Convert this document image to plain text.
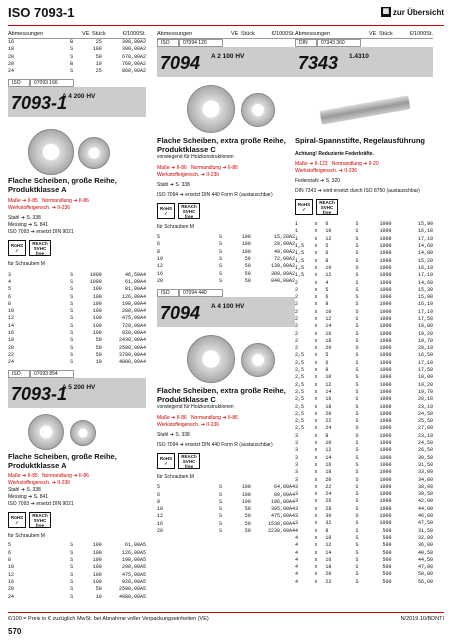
ISO 7093-1	▦ zur Übersicht
Abmessungen	VE Stück	€/1000St.
16	B	25	390,00A2
18	S	100	390,00A2
20	S	50	670,00A2
20	B	10	760,00A2
24	S	25	860,00A2
ISO	07093 166
7093-1
A 4 200 HV
Flache Scheiben, große Reihe, Produktklasse A
Maße ➔ II-85 Normandlung ➔ II-86
Werkstoffeigensch. ➔ II-236
Stahl ➔ S. 338
Messing ➔ S. 841
ISO 7093 ➔ ersetzt DIN 9021
RoHS ✓
REACh SVHC free
für Schrauben M
3	S	1000	46,50A4
4	S	1000	61,00A4
5	S	100	81,00A4
6	S	100	126,00A4
8	S	100	198,00A4
10	S	100	280,00A4
12	S	100	475,00A4
14	S	100	720,00A4
16	S	100	920,00A4
18	S	50	2430,00A4
20	S	50	2590,00A4
22	S	50	3780,00A4
24	S	10	4880,00A4
ISO	07093 854
7093-1
A 5 200 HV
Flache Scheiben, große Reihe, Produktklasse A
Maße ➔ II-85 Normandlung ➔ II-86
Werkstoffeigensch. ➔ II-236
Stahl ➔ S. 338
Messing ➔ S. 841
ISO 7093 ➔ ersetzt DIN 9021
RoHS ✓
REACh SVHC free
für Schrauben M
5	S	100	61,00A5
6	S	100	126,00A5
8	S	100	198,00A5
10	S	100	290,00A5
12	S	100	475,00A5
16	S	100	920,00A5
20	S	50	2590,00A5
24	S	10	4880,00A5
Abmessungen	VE Stück	€/1000St.
ISO	07094 120
7094 A 2 100 HV
Flache Scheiben, extra große Reihe, Produktklasse C
vorwiegend für Holzkonstruktionen
Maße ➔ II-86 Normandlung ➔ II-86
Werkstoffeigensch. ➔ II-236
Stahl ➔ S. 338
ISO 7094 ➔ ersetzt DIN 440 Form R (austauschbar)
RoHS ✓
REACh SVHC free
für Schrauben M
5	S	100	15,20A2
6	S	100	20,90A2
8	S	100	49,90A2
10	S	50	72,00A2
12	S	50	139,00A2
16	S	50	309,00A2
20	S	50	840,00A2
ISO	07094 440
7094 A 4 100 HV
Flache Scheiben, extra große Reihe, Produktklasse C
vorwiegend für Holzkonstruktionen
Maße ➔ II-86 Normandlung ➔ II-86
Werkstoffeigensch. ➔ II-236
Stahl ➔ S. 338
ISO 7094 ➔ ersetzt DIN 440 Form R (austauschbar)
RoHS ✓
REACh SVHC free
für Schrauben M
5	S	100	64,00A4
6	S	100	89,00A4
8	S	100	196,00A4
10	S	50	305,00A4
12	S	50	475,00A4
16	S	50	1530,00A4
20	S	50	2230,00A4
Abmessungen	VE Stück	€/1000St.
DIN	07343 360
7343 1.4310
Spiral-Spannstifte, Regelausführung
Achtung! Reduzierte Federkräfte.
Maße ➔ II-123 Normandlung ➔ II-20
Werkstoffeigensch. ➔ II-236
Federstahl ➔ S. 320
DIN 7343 ➔ wird ersetzt durch ISO 8750 (austauschbar)
RoHS ✓
REACh SVHC free
1	x	6	S	1000	15,90
1	x	10	S	1000	16,10
1	x	12	S	1000	17,10
1,5	x	5	S	1000	14,60
1,5	x	6	S	1000	14,80
1,5	x	8	S	1000	15,20
1,5	x	10	S	1000	16,10
1,5	x	12	S	1000	17,10
2	x	4	S	1000	14,60
2	x	5	S	1000	15,30
2	x	6	S	1000	15,90
2	x	8	S	1000	16,10
2	x	10	S	1000	17,10
2	x	12	S	1000	17,50
2	x	14	S	1000	18,00
2	x	16	S	1000	19,20
2	x	18	S	1000	19,70
2	x	20	S	1000	20,10
2,5	x	5	S	1000	16,50
2,5	x	6	S	1000	17,10
2,5	x	8	S	1000	17,50
2,5	x	10	S	1000	18,00
2,5	x	12	S	1000	19,20
2,5	x	14	S	1000	19,70
2,5	x	16	S	1000	20,10
2,5	x	18	S	1000	23,10
2,5	x	20	S	1000	24,50
2,5	x	22	S	1000	25,50
2,5	x	24	S	1000	27,00
3	x	8	S	1000	23,10
3	x	10	S	1000	24,50
3	x	12	S	1000	26,50
3	x	14	S	1000	30,50
3	x	16	S	1000	31,50
3	x	18	S	1000	33,00
3	x	20	S	1000	34,00
3	x	22	S	1000	38,00
3	x	24	S	1000	39,50
3	x	26	S	1000	42,00
3	x	28	S	1000	44,00
3	x	30	S	1000	46,00
3	x	32	S	1000	47,50
4	x	8	S	500	31,50
4	x	10	S	500	32,00
4	x	12	S	500	36,00
4	x	14	S	500	40,50
4	x	16	S	500	44,50
4	x	18	S	500	47,00
4	x	20	S	500	50,00
4	x	22	S	500	56,00
€/100 = Preis in € zuzüglich MwSt. bei Abnahme voller Verpackungseinheiten (VE)	N/2019.10/BDNTI
570
